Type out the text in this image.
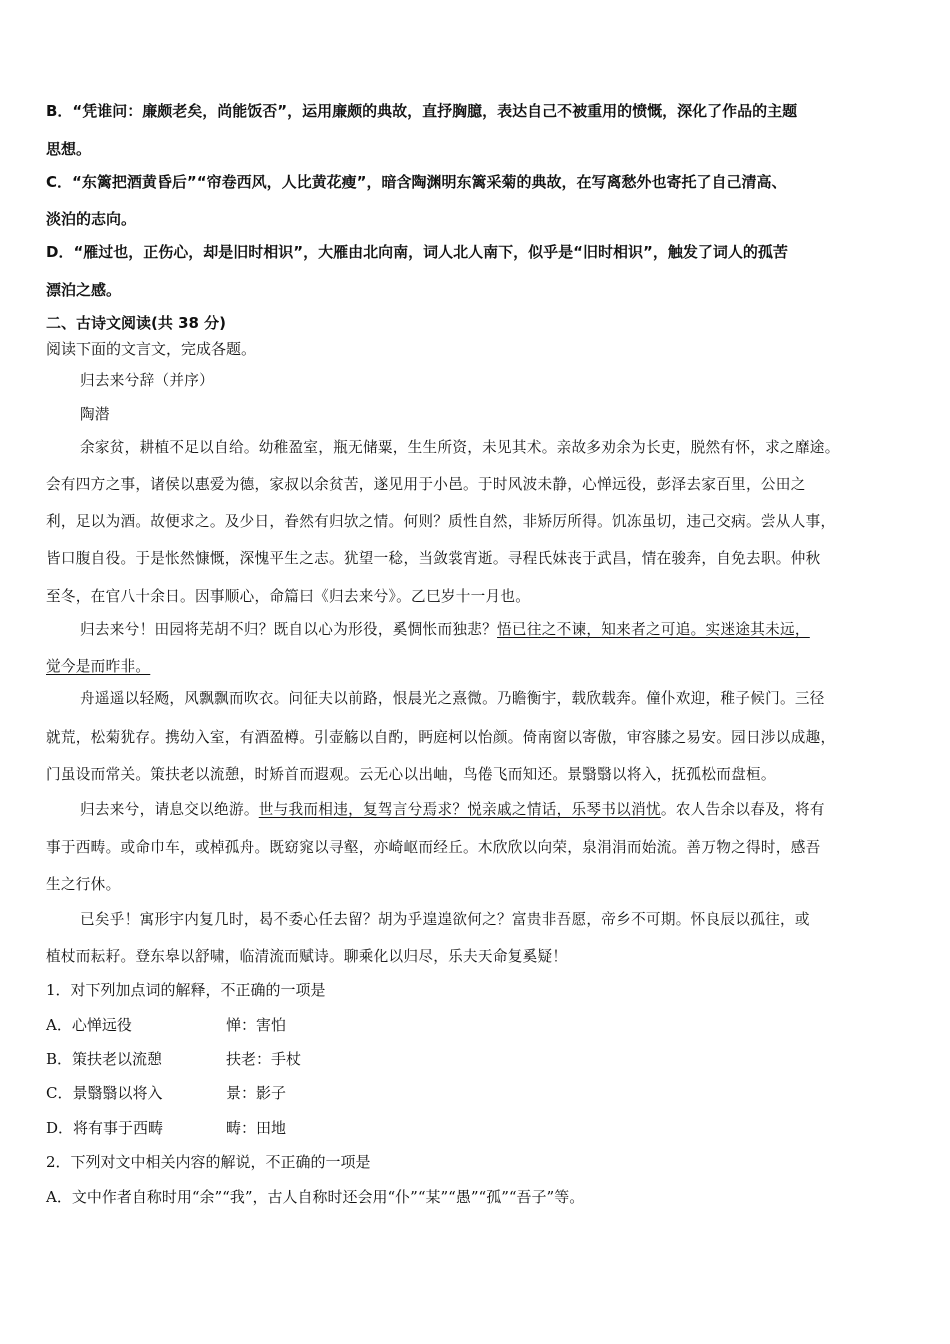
B．“凭谁问：廉颇老矣，尚能饭否”，运用廉颇的典故，直抒胸臆，表达自己不被重用的愤慨，深化了作品的主题
思想。
C．“东篱把酒黄昏后”“帘卷西风，人比黄花瘦”，暗含陶渊明东篱采菊的典故，在写离愁外也寄托了自己清高、
淡泊的志向。
D．“雁过也，正伤心，却是旧时相识”，大雁由北向南，词人北人南下，似乎是“旧时相识”，触发了词人的孤苦
漂泊之感。
二、古诗文阅读(共 38 分)
阅读下面的文言文，完成各题。
归去来兮辞（并序）
陶潜
余家贫，耕植不足以自给。幼稚盈室，瓶无储粟，生生所资，未见其术。亲故多劝余为长吏，脱然有怀，求之靡途。
会有四方之事，诸侯以惠爱为德，家叔以余贫苦，遂见用于小邑。于时风波未静，心惮远役，彭泽去家百里，公田之
利，足以为酒。故便求之。及少日，眷然有归欤之情。何则？质性自然，非矫厉所得。饥冻虽切，违己交病。尝从人事，
皆口腹自役。于是怅然慷慨，深愧平生之志。犹望一稔，当敛裳宵逝。寻程氏妹丧于武昌，情在骏奔，自免去职。仲秋
至冬，在官八十余日。因事顺心，命篇曰《归去来兮》。乙巳岁十一月也。
归去来兮！田园将芜胡不归？既自以心为形役，奚惆怅而独悲？悟已往之不谏，知来者之可追。实迷途其未远，
觉今是而昨非。
舟遥遥以轻飏，风飘飘而吹衣。问征夫以前路，恨晨光之熹微。乃瞻衡宇，载欣载奔。僮仆欢迎，稚子候门。三径
就荒，松菊犹存。携幼入室，有酒盈樽。引壶觞以自酌，眄庭柯以怡颜。倚南窗以寄傲，审容膝之易安。园日涉以成趣，
门虽设而常关。策扶老以流憩，时矫首而遐观。云无心以出岫，鸟倦飞而知还。景翳翳以将入，抚孤松而盘桓。
归去来兮，请息交以绝游。世与我而相违，复驾言兮焉求？悦亲戚之情话，乐琴书以消忧。农人告余以春及，将有
事于西畴。或命巾车，或棹孤舟。既窈窕以寻壑，亦崎岖而经丘。木欣欣以向荣，泉涓涓而始流。善万物之得时，感吾
生之行休。
已矣乎！寓形宇内复几时，曷不委心任去留？胡为乎遑遑欲何之？富贵非吾愿，帝乡不可期。怀良辰以孤往，或
植杖而耘耔。登东皋以舒啸，临清流而赋诗。聊乘化以归尽，乐夫天命复奚疑！
1．对下列加点词的解释，不正确的一项是
A．心惮远役	惮：害怕
B．策扶老以流憩	扶老：手杖
C．景翳翳以将入	景：影子
D．将有事于西畴	畴：田地
2．下列对文中相关内容的解说，不正确的一项是
A．文中作者自称时用“余”“我”，古人自称时还会用“仆”“某”“愚”“孤”“吾子”等。
